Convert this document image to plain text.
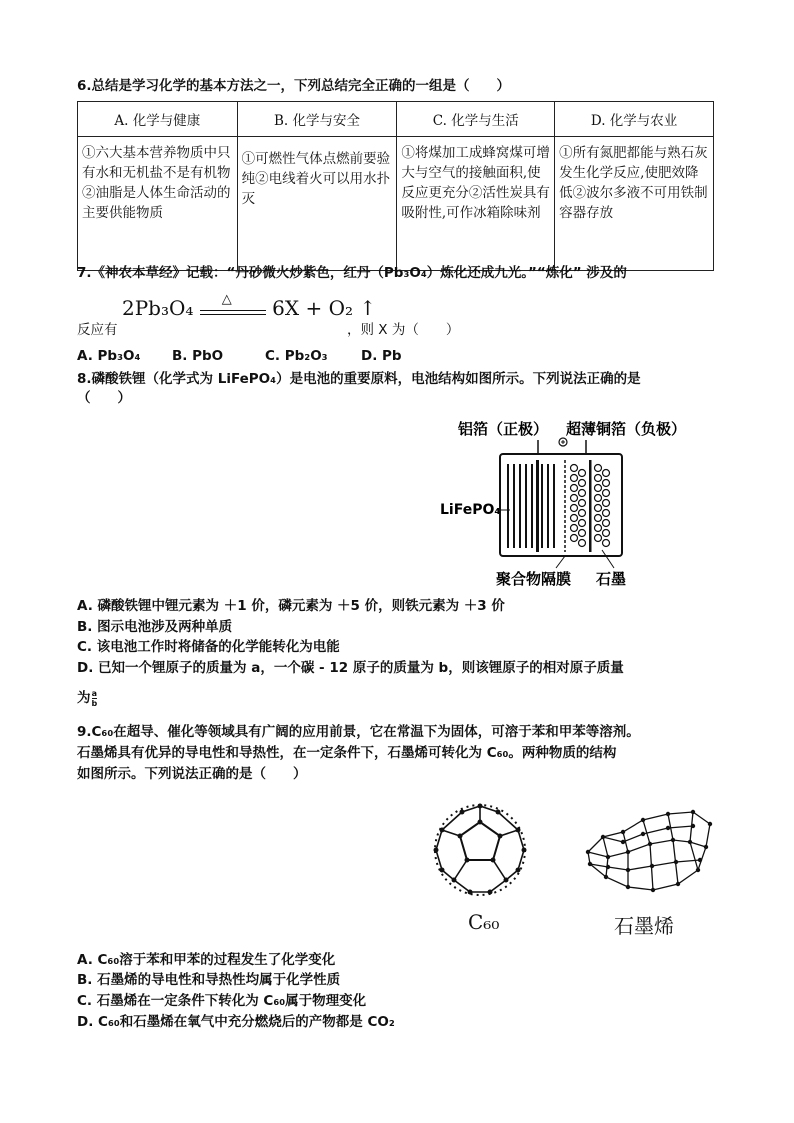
6.总结是学习化学的基本方法之一，下列总结完全正确的一组是（　　）
A. 化学与健康	B. 化学与安全	C. 化学与生活	D. 化学与农业

①六大基本营养物质中只有水和无机盐不是有机物②油脂是人体生命活动的主要供能物质	①可燃性气体点燃前要验纯②电线着火可以用水扑灭	①将煤加工成蜂窝煤可增大与空气的接触面积,使反应更充分②活性炭具有吸附性,可作冰箱除味剂	①所有氮肥都能与熟石灰发生化学反应,使肥效降低②波尔多液不可用铁制容器存放
7.《神农本草经》记载：“丹砂微火炒紫色，红丹（Pb₃O₄）炼化还成九光。”“炼化” 涉及的
反应有
2Pb₃O₄ △ 6X + O₂ ↑
，则 X 为（　　）
A. Pb₃O₄ B. PbO	C. Pb₂O₃ D. Pb
8.磷酸铁锂（化学式为 LiFePO₄）是电池的重要原料，电池结构如图所示。下列说法正确的是
（　　）
铝箔（正极） 超薄铜箔（负极）
LiFePO₄
聚合物隔膜 石墨
A. 磷酸铁锂中锂元素为 ＋1 价，磷元素为 ＋5 价，则铁元素为 ＋3 价
B. 图示电池涉及两种单质
C. 该电池工作时将储备的化学能转化为电能
D. 已知一个锂原子的质量为 a，一个碳 - 12 原子的质量为 b，则该锂原子的相对原子质量
为 $\frac{a}{b}$
9.C₆₀在超导、催化等领域具有广阔的应用前景，它在常温下为固体，可溶于苯和甲苯等溶剂。
石墨烯具有优异的导电性和导热性，在一定条件下，石墨烯可转化为 C₆₀。两种物质的结构
如图所示。下列说法正确的是（　　）
C₆₀	石墨烯
A. C₆₀溶于苯和甲苯的过程发生了化学变化
B. 石墨烯的导电性和导热性均属于化学性质
C. 石墨烯在一定条件下转化为 C₆₀属于物理变化
D. C₆₀和石墨烯在氧气中充分燃烧后的产物都是 CO₂
